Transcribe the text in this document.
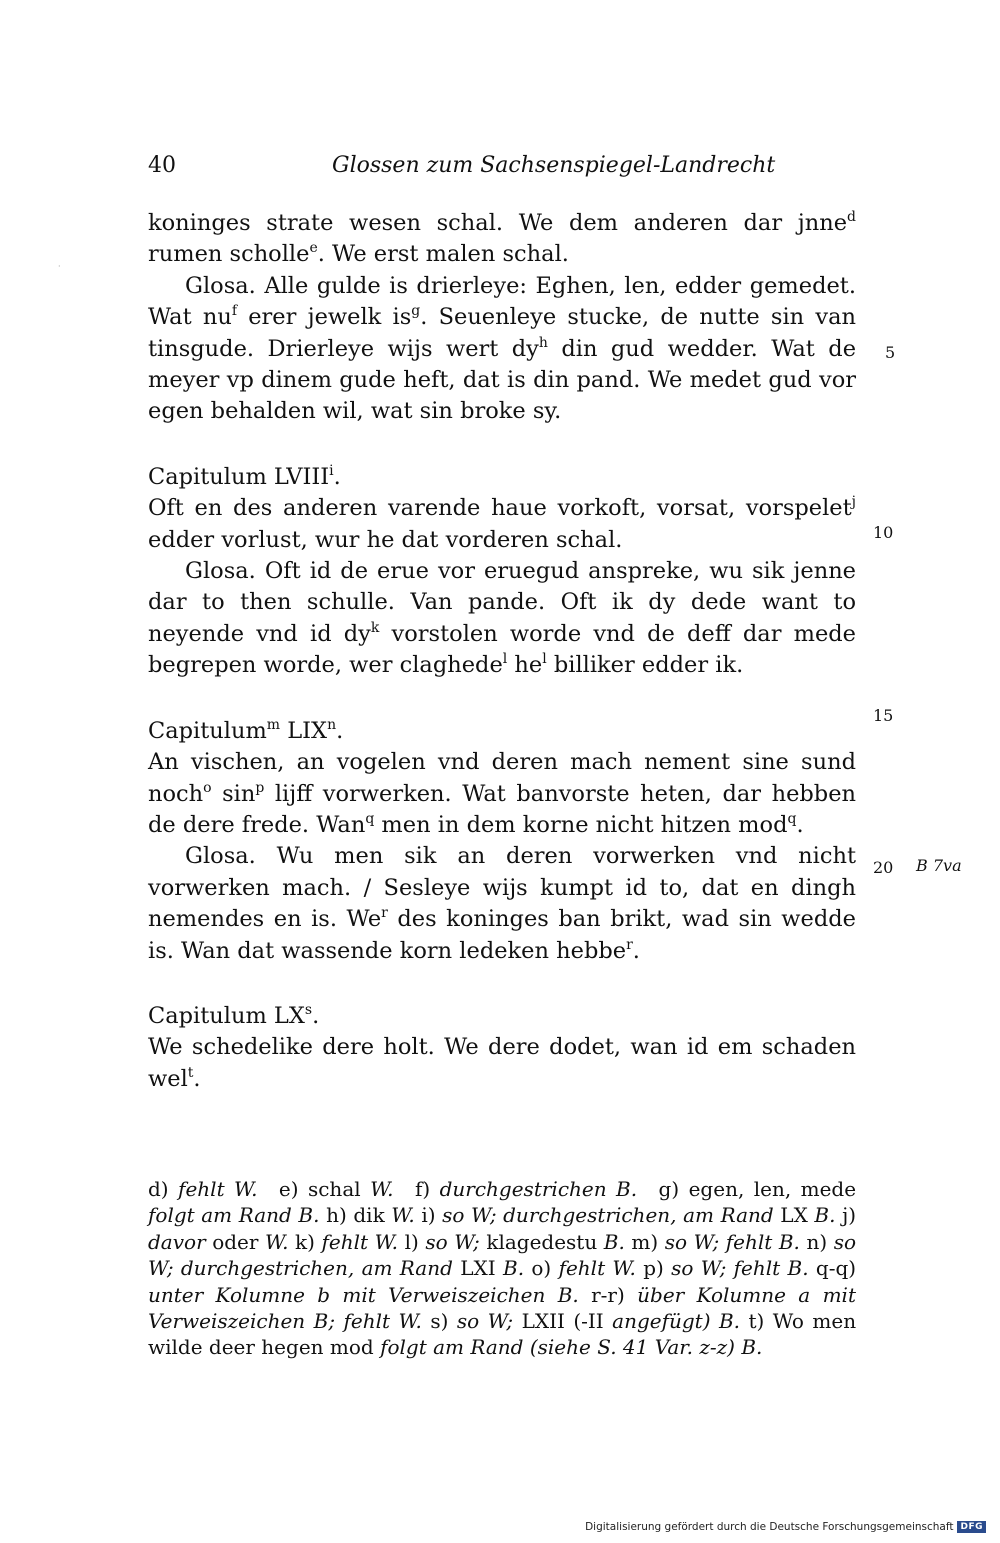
40	Glossen zum Sachsenspiegel-Landrecht
·

koninges strate wesen schal. We dem anderen dar jnne$^d$ rumen scholle$^e$. We erst malen schal.

Glosa. Alle gulde is drierleye: Eghen, len, edder gemedet. Wat $nu^f$ erer jewelk $is^g$. Seuenleye stucke, de nutte sin van tinsgude. Drierleye wijs wert $dy^h$ din gud wedder. Wat de meyer vp dinem gude heft, dat is din pand. We medet gud vor egen behalden wil, wat sin broke sy.

Capitulum LVIII$^i$.

Oft en des anderen varende haue vorkoft, vorsat, vorspelet$^j$ edder vorlust, wur he dat vorderen schal.

Glosa. Oft id de erue vor eruegud anspreke, wu sik jenne dar to then schulle. Van pande. Oft ik dy dede want to neyende vnd id $dy^k$ vorstolen worde vnd de deff dar mede begrepen worde, wer claghede$^l$ $he^l$ billiker edder ik.

Capitulum$^m$ LIX$^n$.

An vischen, an vogelen vnd deren mach nement sine sund noch$^o$ $\sin^p$ lijff vorwerken. Wat banvorste heten, dar hebben de dere frede. Wan$^q$ men in dem korne nicht hitzen mod$^q$.

Glosa. Wu men sik an deren vorwerken vnd nicht vorwerken mach. / Sesleye wijs kumpt id to, dat en dingh nemendes en is. We$^r$ des koninges ban brikt, wad sin wedde is. Wan dat wassende korn ledeken hebbe$^r$.

Capitulum $LX^s$.

We schedelike dere holt. We dere dodet, wan id em schaden wel$^t$.

5
10
15
20 B 7va
d) fehlt W. e) schal W. f) durchgestrichen B. g) egen, len, mede folgt am Rand B. h) dik W. i) so W; durchgestrichen, am Rand LX B. j) davor oder W. k) fehlt W. l) so W; klagedestu B. m) so W; fehlt B. n) so W; durchgestrichen, am Rand LXI B. o) fehlt W. p) so W; fehlt B. q-q) unter Kolumne b mit Verweiszeichen B. r-r) über Kolumne a mit Verweiszeichen B; fehlt W. s) so W; LXII (-II angefügt) B. t) Wo men wilde deer hegen mod folgt am Rand (siehe S. 41 Var. z-z) B.
Digitalisierung gefördert durch die Deutsche Forschungsgemeinschaft DFG
